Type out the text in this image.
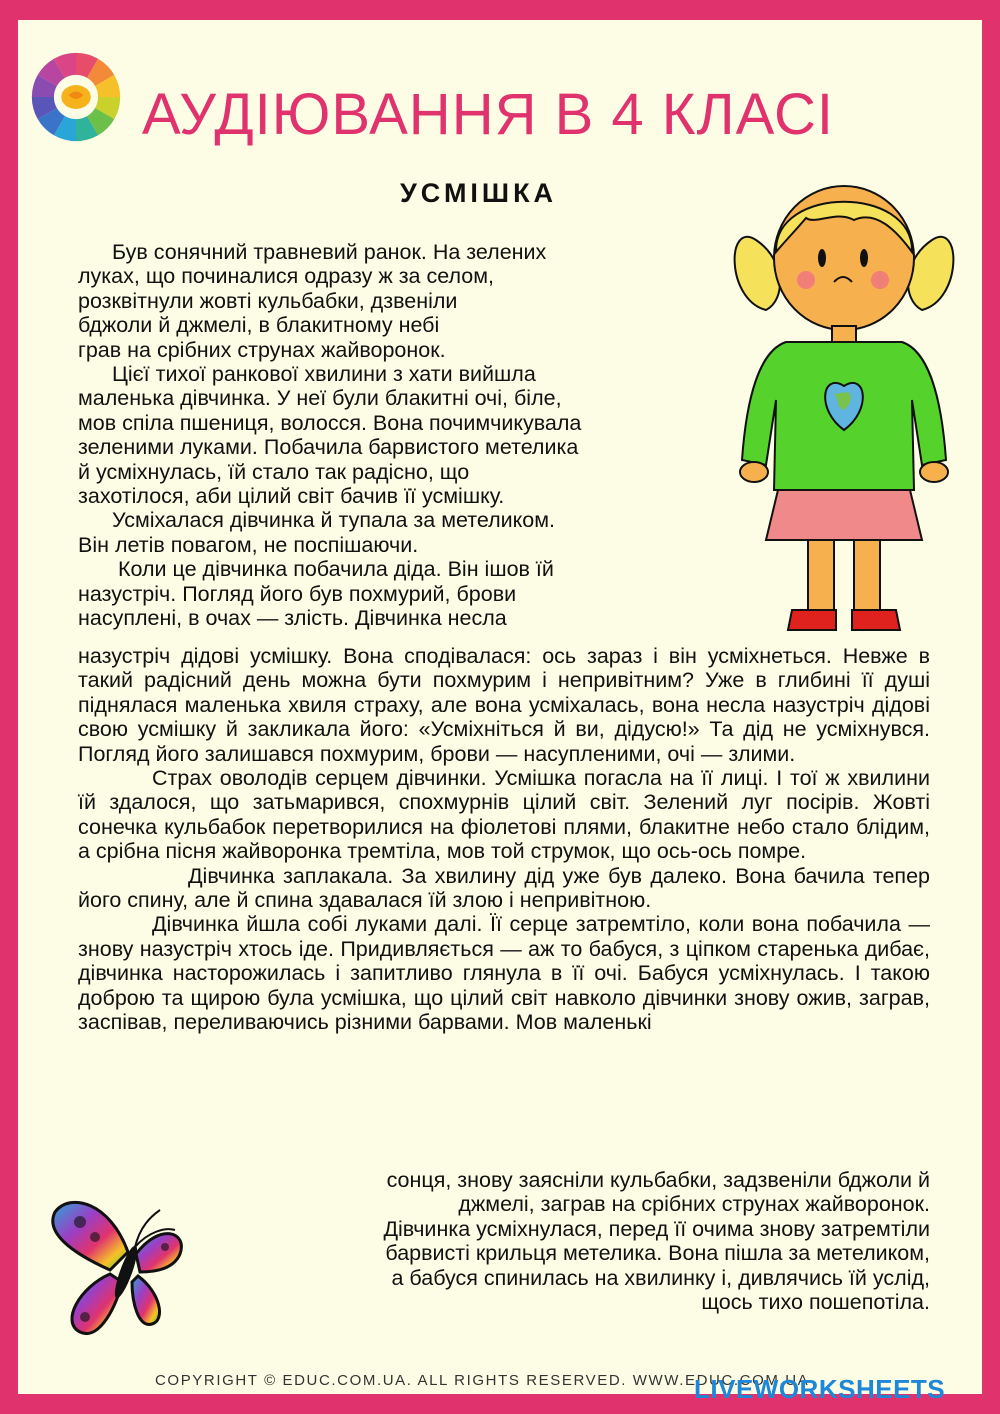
АУДІЮВАННЯ В 4 КЛАСІ
УСМІШКА

Був сонячний травневий ранок. На зелених

луках, що починалися одразу ж за селом,

розквітнули жовті кульбабки, дзвеніли

бджоли й джмелі, в блакитному небі

грав на срібних струнах жайворонок.

Цієї тихої ранкової хвилини з хати вийшла

маленька дівчинка. У неї були блакитні очі, біле,

мов спіла пшениця, волосся. Вона почимчикувала

зеленими луками. Побачила барвистого метелика

й усміхнулась, їй стало так радісно, що

захотілося, аби цілий світ бачив її усмішку.

Усміхалася дівчинка й тупала за метеликом.

Він летів повагом, не поспішаючи.

Коли це дівчинка побачила діда. Він ішов їй

назустріч. Погляд його був похмурий, брови

насуплені, в очах — злість. Дівчинка несла

назустріч дідові усмішку. Вона сподівалася: ось зараз і він усміхнеться. Невже в такий радісний день можна бути похмурим і непривітним? Уже в глибині її душі піднялася маленька хвиля страху, але вона усміхалась, вона несла назустріч дідові свою усмішку й закликала його: «Усміхніться й ви, дідусю!» Та дід не усміхнувся. Погляд його залишався похмурим, брови — насупленими, очі — злими.

Страх оволодів серцем дівчинки. Усмішка погасла на її лиці. І тої ж хвилини їй здалося, що затьмарився, спохмурнів цілий світ. Зелений луг посірів. Жовті сонечка кульбабок перетворилися на фіолетові плями, блакитне небо стало блідим, а срібна пісня жайворонка тремтіла, мов той струмок, що ось-ось помре.

Дівчинка заплакала. За хвилину дід уже був далеко. Вона бачила тепер його спину, але й спина здавалася їй злою і непривітною.

Дівчинка йшла собі луками далі. Її серце затремтіло, коли вона побачила — знову назустріч хтось іде. Придивляється — аж то бабуся, з ціпком старенька дибає, дівчинка насторожилась і запитливо глянула в її очі. Бабуся усміхнулась. І такою доброю та щирою була усмішка, що цілий світ навколо дівчинки знову ожив, заграв, заспівав, переливаючись різними барвами. Мов маленькі

сонця, знову заясніли кульбабки, задзвеніли бджоли й

джмелі, заграв на срібних струнах жайворонок.

Дівчинка усміхнулася, перед її очима знову затремтіли

барвисті крильця метелика. Вона пішла за метеликом,

а бабуся спинилась на хвилинку і, дивлячись їй услід,

щось тихо пошепотіла.

COPYRIGHT © EDUC.COM.UA. ALL RIGHTS RESERVED. WWW.EDUC.COM.UA
LIVEWORKSHEETS
